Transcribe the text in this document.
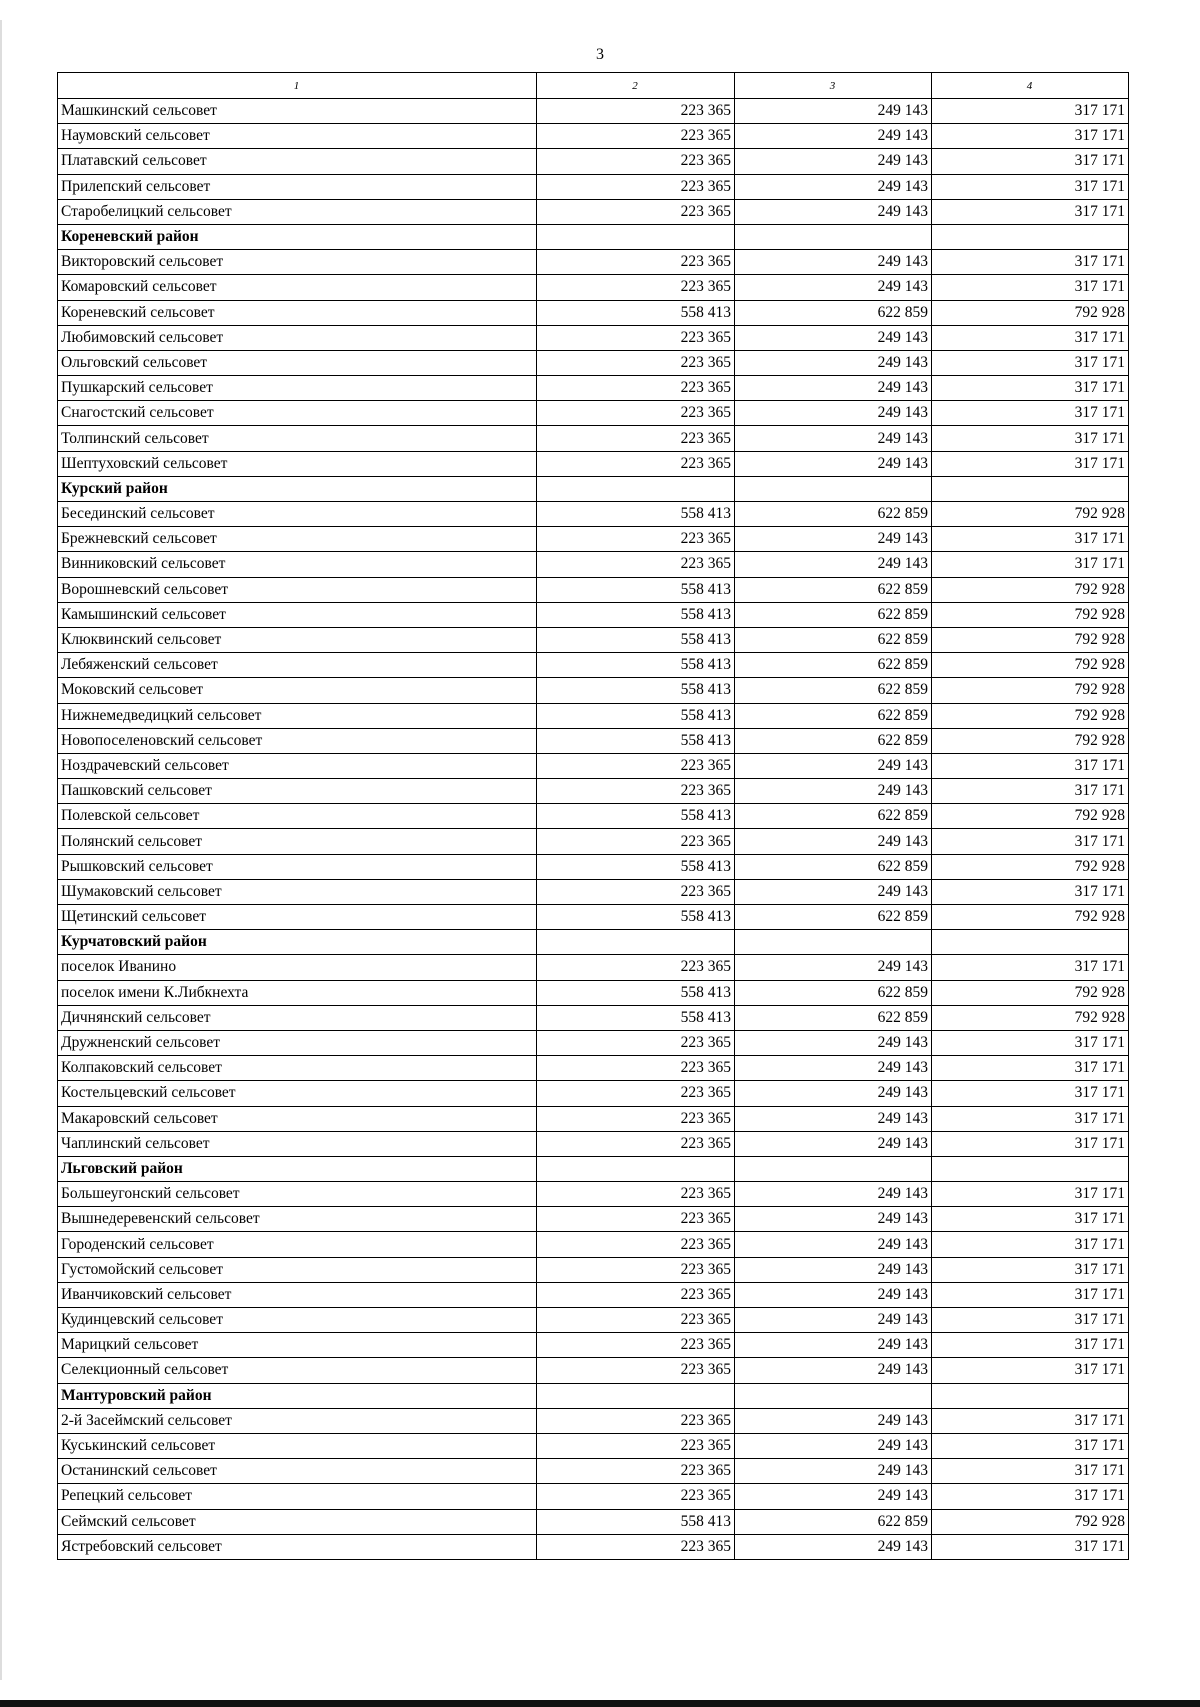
3
1	2	3	4
Машкинский сельсовет	223 365	249 143	317 171
Наумовский сельсовет	223 365	249 143	317 171
Платавский сельсовет	223 365	249 143	317 171
Прилепский сельсовет	223 365	249 143	317 171
Старобелицкий сельсовет	223 365	249 143	317 171
Кореневский район			
Викторовский сельсовет	223 365	249 143	317 171
Комаровский сельсовет	223 365	249 143	317 171
Кореневский сельсовет	558 413	622 859	792 928
Любимовский сельсовет	223 365	249 143	317 171
Ольговский сельсовет	223 365	249 143	317 171
Пушкарский сельсовет	223 365	249 143	317 171
Снагостский сельсовет	223 365	249 143	317 171
Толпинский сельсовет	223 365	249 143	317 171
Шептуховский сельсовет	223 365	249 143	317 171
Курский район			
Бесединский сельсовет	558 413	622 859	792 928
Брежневский сельсовет	223 365	249 143	317 171
Винниковский сельсовет	223 365	249 143	317 171
Ворошневский сельсовет	558 413	622 859	792 928
Камышинский сельсовет	558 413	622 859	792 928
Клюквинский сельсовет	558 413	622 859	792 928
Лебяженский сельсовет	558 413	622 859	792 928
Моковский сельсовет	558 413	622 859	792 928
Нижнемедведицкий сельсовет	558 413	622 859	792 928
Новопоселеновский сельсовет	558 413	622 859	792 928
Ноздрачевский сельсовет	223 365	249 143	317 171
Пашковский сельсовет	223 365	249 143	317 171
Полевской сельсовет	558 413	622 859	792 928
Полянский сельсовет	223 365	249 143	317 171
Рышковский сельсовет	558 413	622 859	792 928
Шумаковский сельсовет	223 365	249 143	317 171
Щетинский сельсовет	558 413	622 859	792 928
Курчатовский район			
поселок Иванино	223 365	249 143	317 171
поселок имени К.Либкнехта	558 413	622 859	792 928
Дичнянский сельсовет	558 413	622 859	792 928
Дружненский сельсовет	223 365	249 143	317 171
Колпаковский сельсовет	223 365	249 143	317 171
Костельцевский сельсовет	223 365	249 143	317 171
Макаровский сельсовет	223 365	249 143	317 171
Чаплинский сельсовет	223 365	249 143	317 171
Льговский район			
Большеугонский сельсовет	223 365	249 143	317 171
Вышнедеревенский сельсовет	223 365	249 143	317 171
Городенский сельсовет	223 365	249 143	317 171
Густомойский сельсовет	223 365	249 143	317 171
Иванчиковский сельсовет	223 365	249 143	317 171
Кудинцевский сельсовет	223 365	249 143	317 171
Марицкий сельсовет	223 365	249 143	317 171
Селекционный сельсовет	223 365	249 143	317 171
Мантуровский район			
2-й Засеймский сельсовет	223 365	249 143	317 171
Куськинский сельсовет	223 365	249 143	317 171
Останинский сельсовет	223 365	249 143	317 171
Репецкий сельсовет	223 365	249 143	317 171
Сеймский сельсовет	558 413	622 859	792 928
Ястребовский сельсовет	223 365	249 143	317 171
